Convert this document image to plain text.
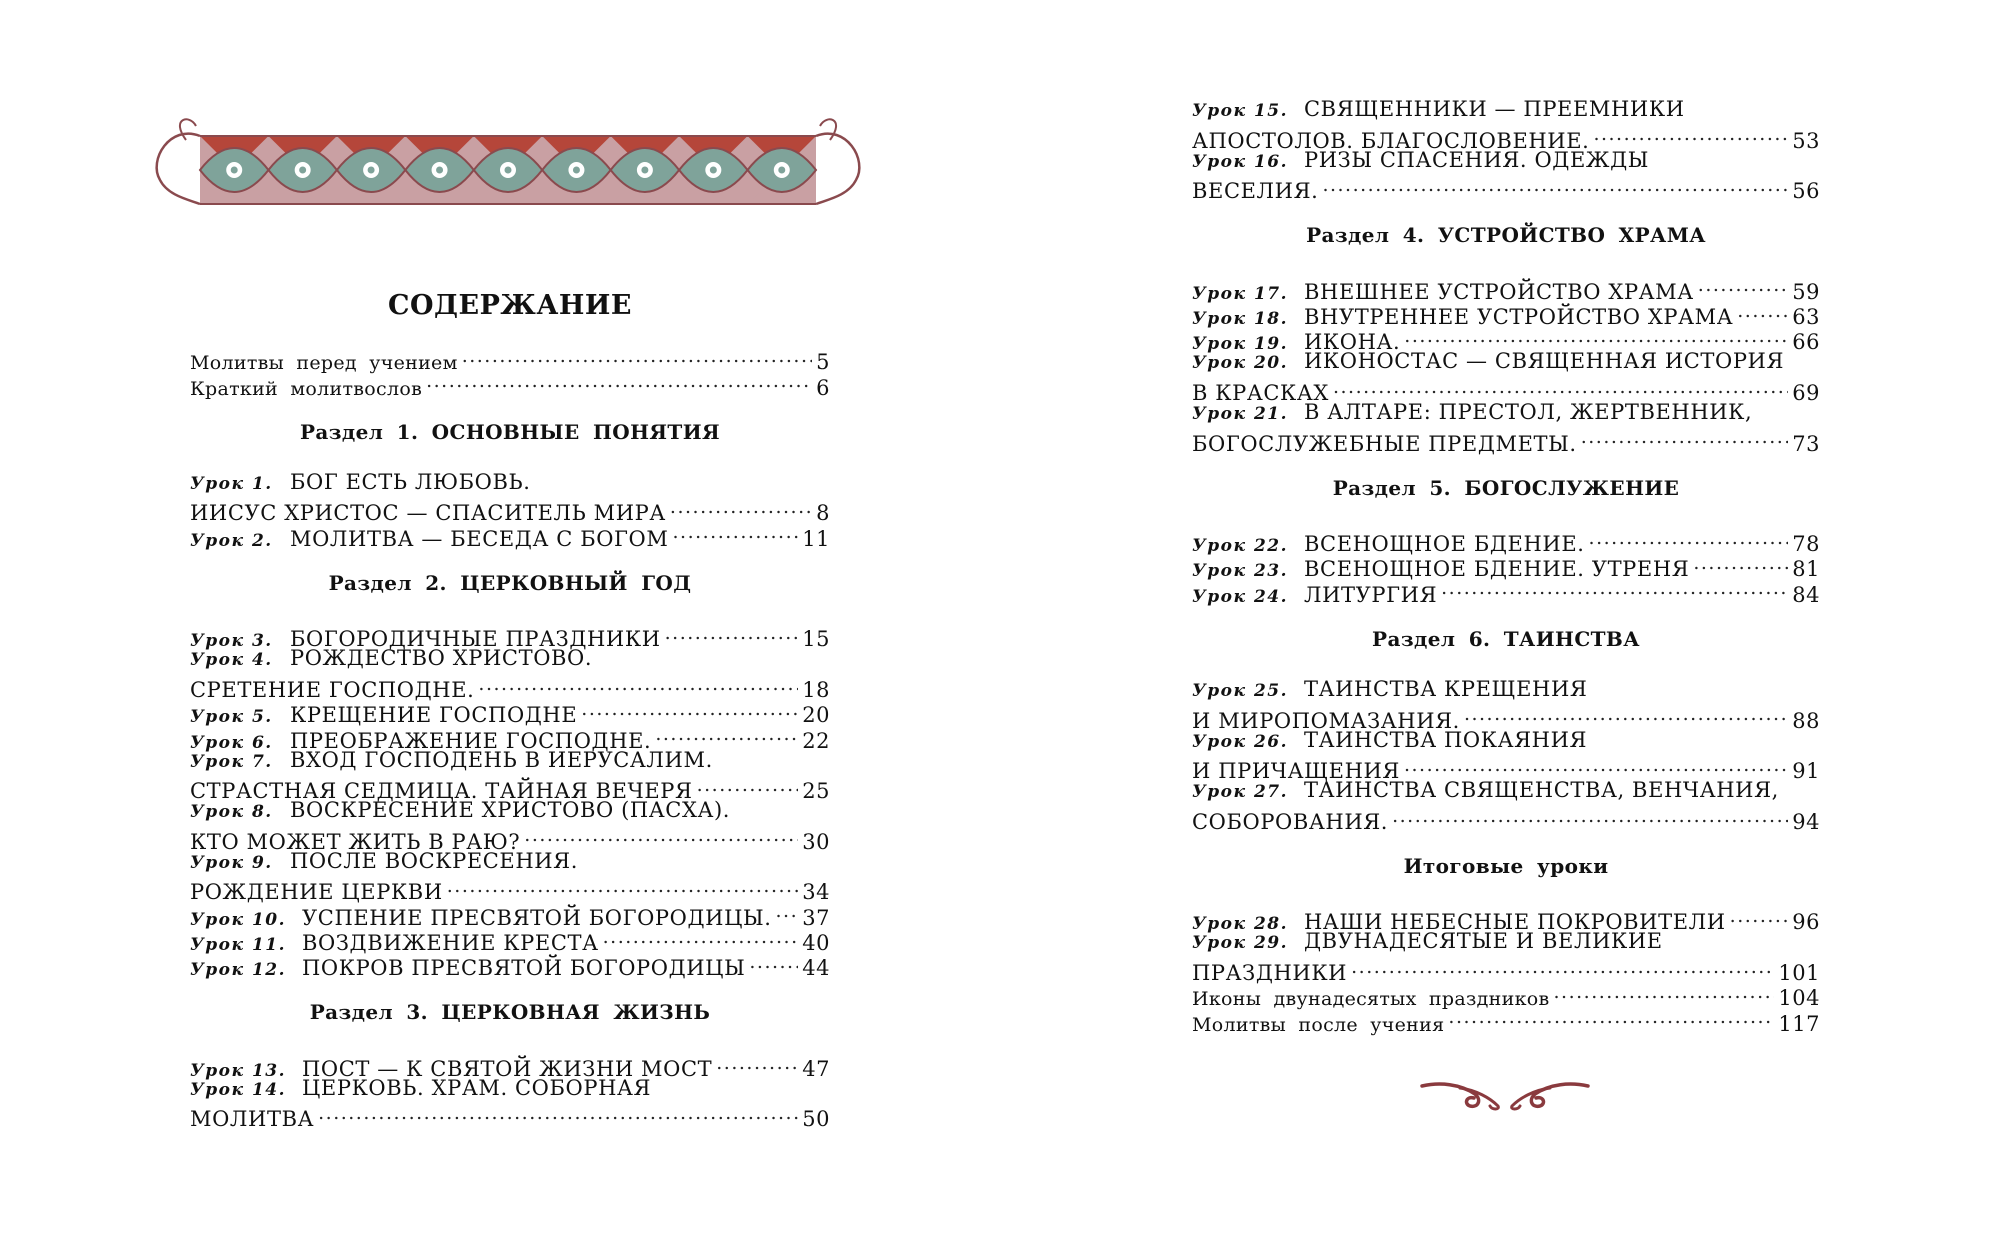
СОДЕРЖАНИЕ
Молитвы перед учением .....	5
Краткий молитвослов .....	6
Раздел 1. ОСНОВНЫЕ ПОНЯТИЯ
Урок 1. БОГ ЕСТЬ ЛЮБОВЬ.
ИИСУС ХРИСТОС — СПАСИТЕЛЬ МИРА .....	8
Урок 2. МОЛИТВА — БЕСЕДА С БОГОМ .....	11
Раздел 2. ЦЕРКОВНЫЙ ГОД
Урок 3. БОГОРОДИЧНЫЕ ПРАЗДНИКИ .....	15
Урок 4. РОЖДЕСТВО ХРИСТОВО.
СРЕТЕНИЕ ГОСПОДНЕ. .....	18
Урок 5. КРЕЩЕНИЕ ГОСПОДНЕ .....	20
Урок 6. ПРЕОБРАЖЕНИЕ ГОСПОДНЕ. .....	22
Урок 7. ВХОД ГОСПОДЕНЬ В ИЕРУСАЛИМ.
СТРАСТНАЯ СЕДМИЦА. ТАЙНАЯ ВЕЧЕРЯ .....	25
Урок 8. ВОСКРЕСЕНИЕ ХРИСТОВО (ПАСХА).
КТО МОЖЕТ ЖИТЬ В РАЮ? .....	30
Урок 9. ПОСЛЕ ВОСКРЕСЕНИЯ.
РОЖДЕНИЕ ЦЕРКВИ .....	34
Урок 10. УСПЕНИЕ ПРЕСВЯТОЙ БОГОРОДИЦЫ. ..... 37
Урок 11. ВОЗДВИЖЕНИЕ КРЕСТА .....	40
Урок 12. ПОКРОВ ПРЕСВЯТОЙ БОГОРОДИЦЫ .....	44
Раздел 3. ЦЕРКОВНАЯ ЖИЗНЬ
Урок 13. ПОСТ — К СВЯТОЙ ЖИЗНИ МОСТ .....	47
Урок 14. ЦЕРКОВЬ. ХРАМ. СОБОРНАЯ
МОЛИТВА .....	50
Урок 15. СВЯЩЕННИКИ — ПРЕЕМНИКИ
АПОСТОЛОВ. БЛАГОСЛОВЕНИЕ. .....	53
Урок 16. РИЗЫ СПАСЕНИЯ. ОДЕЖДЫ
ВЕСЕЛИЯ. .....	56
Раздел 4. УСТРОЙСТВО ХРАМА
Урок 17. ВНЕШНЕЕ УСТРОЙСТВО ХРАМА .....	59
Урок 18. ВНУТРЕННЕЕ УСТРОЙСТВО ХРАМА .....	63
Урок 19. ИКОНА. .....	66
Урок 20. ИКОНОСТАС — СВЯЩЕННАЯ ИСТОРИЯ
В КРАСКАХ .....	69
Урок 21. В АЛТАРЕ: ПРЕСТОЛ, ЖЕРТВЕННИК,
БОГОСЛУЖЕБНЫЕ ПРЕДМЕТЫ. .....	73
Раздел 5. БОГОСЛУЖЕНИЕ
Урок 22. ВСЕНОЩНОЕ БДЕНИЕ. .....	78
Урок 23. ВСЕНОЩНОЕ БДЕНИЕ. УТРЕНЯ .....	81
Урок 24. ЛИТУРГИЯ .....	84
Раздел 6. ТАИНСТВА
Урок 25. ТАИНСТВА КРЕЩЕНИЯ
И МИРОПОМАЗАНИЯ. .....	88
Урок 26. ТАИНСТВА ПОКАЯНИЯ
И ПРИЧАЩЕНИЯ .....	91
Урок 27. ТАИНСТВА СВЯЩЕНСТВА, ВЕНЧАНИЯ,
СОБОРОВАНИЯ. .....	94
Итоговые уроки
Урок 28. НАШИ НЕБЕСНЫЕ ПОКРОВИТЕЛИ .....	96
Урок 29. ДВУНАДЕСЯТЫЕ И ВЕЛИКИЕ
ПРАЗДНИКИ .....	101
Иконы двунадесятых праздников .....	104
Молитвы после учения .....	117
